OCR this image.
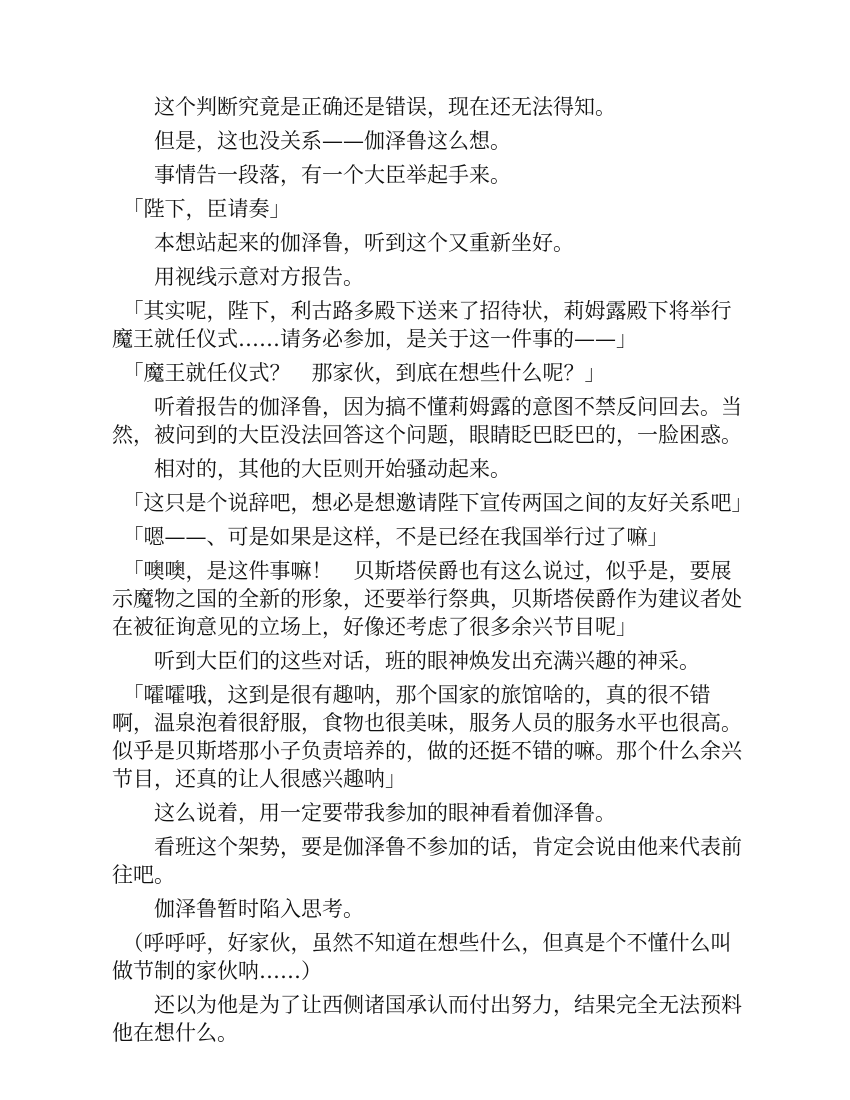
　　这个判断究竟是正确还是错误，现在还无法得知。

　　但是，这也没关系——伽泽鲁这么想。

　　事情告一段落，有一个大臣举起手来。

　「陛下，臣请奏」

　　本想站起来的伽泽鲁，听到这个又重新坐好。

　　用视线示意对方报告。

　「其实呢，陛下，利古路多殿下送来了招待状，莉姆露殿下将举行魔王就任仪式……请务必参加，是关于这一件事的——」

　「魔王就任仪式？　那家伙，到底在想些什么呢？」

　　听着报告的伽泽鲁，因为搞不懂莉姆露的意图不禁反问回去。当然，被问到的大臣没法回答这个问题，眼睛眨巴眨巴的，一脸困惑。

　　相对的，其他的大臣则开始骚动起来。

　「这只是个说辞吧，想必是想邀请陛下宣传两国之间的友好关系吧」

　「嗯——、可是如果是这样，不是已经在我国举行过了嘛」

　「噢噢，是这件事嘛！　贝斯塔侯爵也有这么说过，似乎是，要展示魔物之国的全新的形象，还要举行祭典，贝斯塔侯爵作为建议者处在被征询意见的立场上，好像还考虑了很多余兴节目呢」

　　听到大臣们的这些对话，班的眼神焕发出充满兴趣的神采。

　「嚯嚯哦，这到是很有趣呐，那个国家的旅馆啥的，真的很不错啊，温泉泡着很舒服，食物也很美味，服务人员的服务水平也很高。似乎是贝斯塔那小子负责培养的，做的还挺不错的嘛。那个什么余兴节目，还真的让人很感兴趣呐」

　　这么说着，用一定要带我参加的眼神看着伽泽鲁。

　　看班这个架势，要是伽泽鲁不参加的话，肯定会说由他来代表前往吧。

　　伽泽鲁暂时陷入思考。

　（呼呼呼，好家伙，虽然不知道在想些什么，但真是个不懂什么叫做节制的家伙呐……）

　　还以为他是为了让西侧诸国承认而付出努力，结果完全无法预料他在想什么。
